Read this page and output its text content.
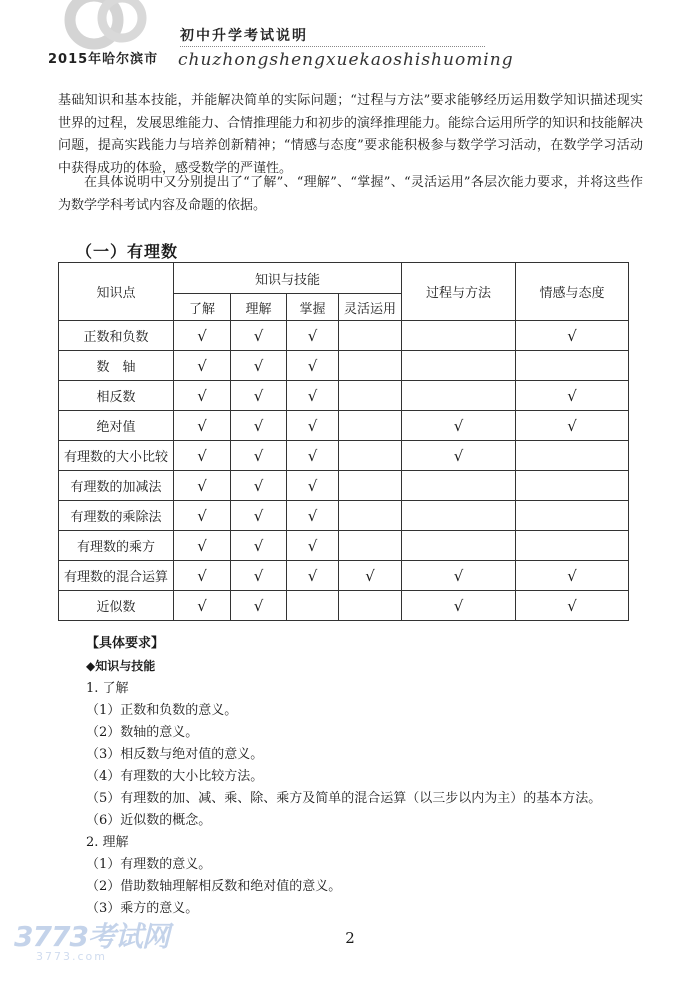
2015年哈尔滨市
初中升学考试说明
chuzhongshengxuekaoshishuoming

基础知识和基本技能，并能解决简单的实际问题；“过程与方法”要求能够经历运用数学知识描述现实世界的过程，发展思维能力、合情推理能力和初步的演绎推理能力。能综合运用所学的知识和技能解决问题，提高实践能力与培养创新精神；“情感与态度”要求能积极参与数学学习活动，在数学学习活动中获得成功的体验，感受数学的严谨性。

在具体说明中又分别提出了“了解”、“理解”、“掌握”、“灵活运用”各层次能力要求，并将这些作为数学学科考试内容及命题的依据。

（一）有理数
知识点	知识与技能				过程与方法	情感与态度
	了解	理解	掌握	灵活运用		
正数和负数	√	√	√			√
数　轴	√	√	√			
相反数	√	√	√			√
绝对值	√	√	√		√	√
有理数的大小比较	√	√	√		√	
有理数的加减法	√	√	√			
有理数的乘除法	√	√	√			
有理数的乘方	√	√	√			
有理数的混合运算	√	√	√	√	√	√
近似数	√	√			√	√
【具体要求】
◆知识与技能
1. 了解
（1）正数和负数的意义。
（2）数轴的意义。
（3）相反数与绝对值的意义。
（4）有理数的大小比较方法。
（5）有理数的加、减、乘、除、乘方及简单的混合运算（以三步以内为主）的基本方法。
（6）近似数的概念。
2. 理解
（1）有理数的意义。
（2）借助数轴理解相反数和绝对值的意义。
（3）乘方的意义。
2
3773考试网
3773.com
